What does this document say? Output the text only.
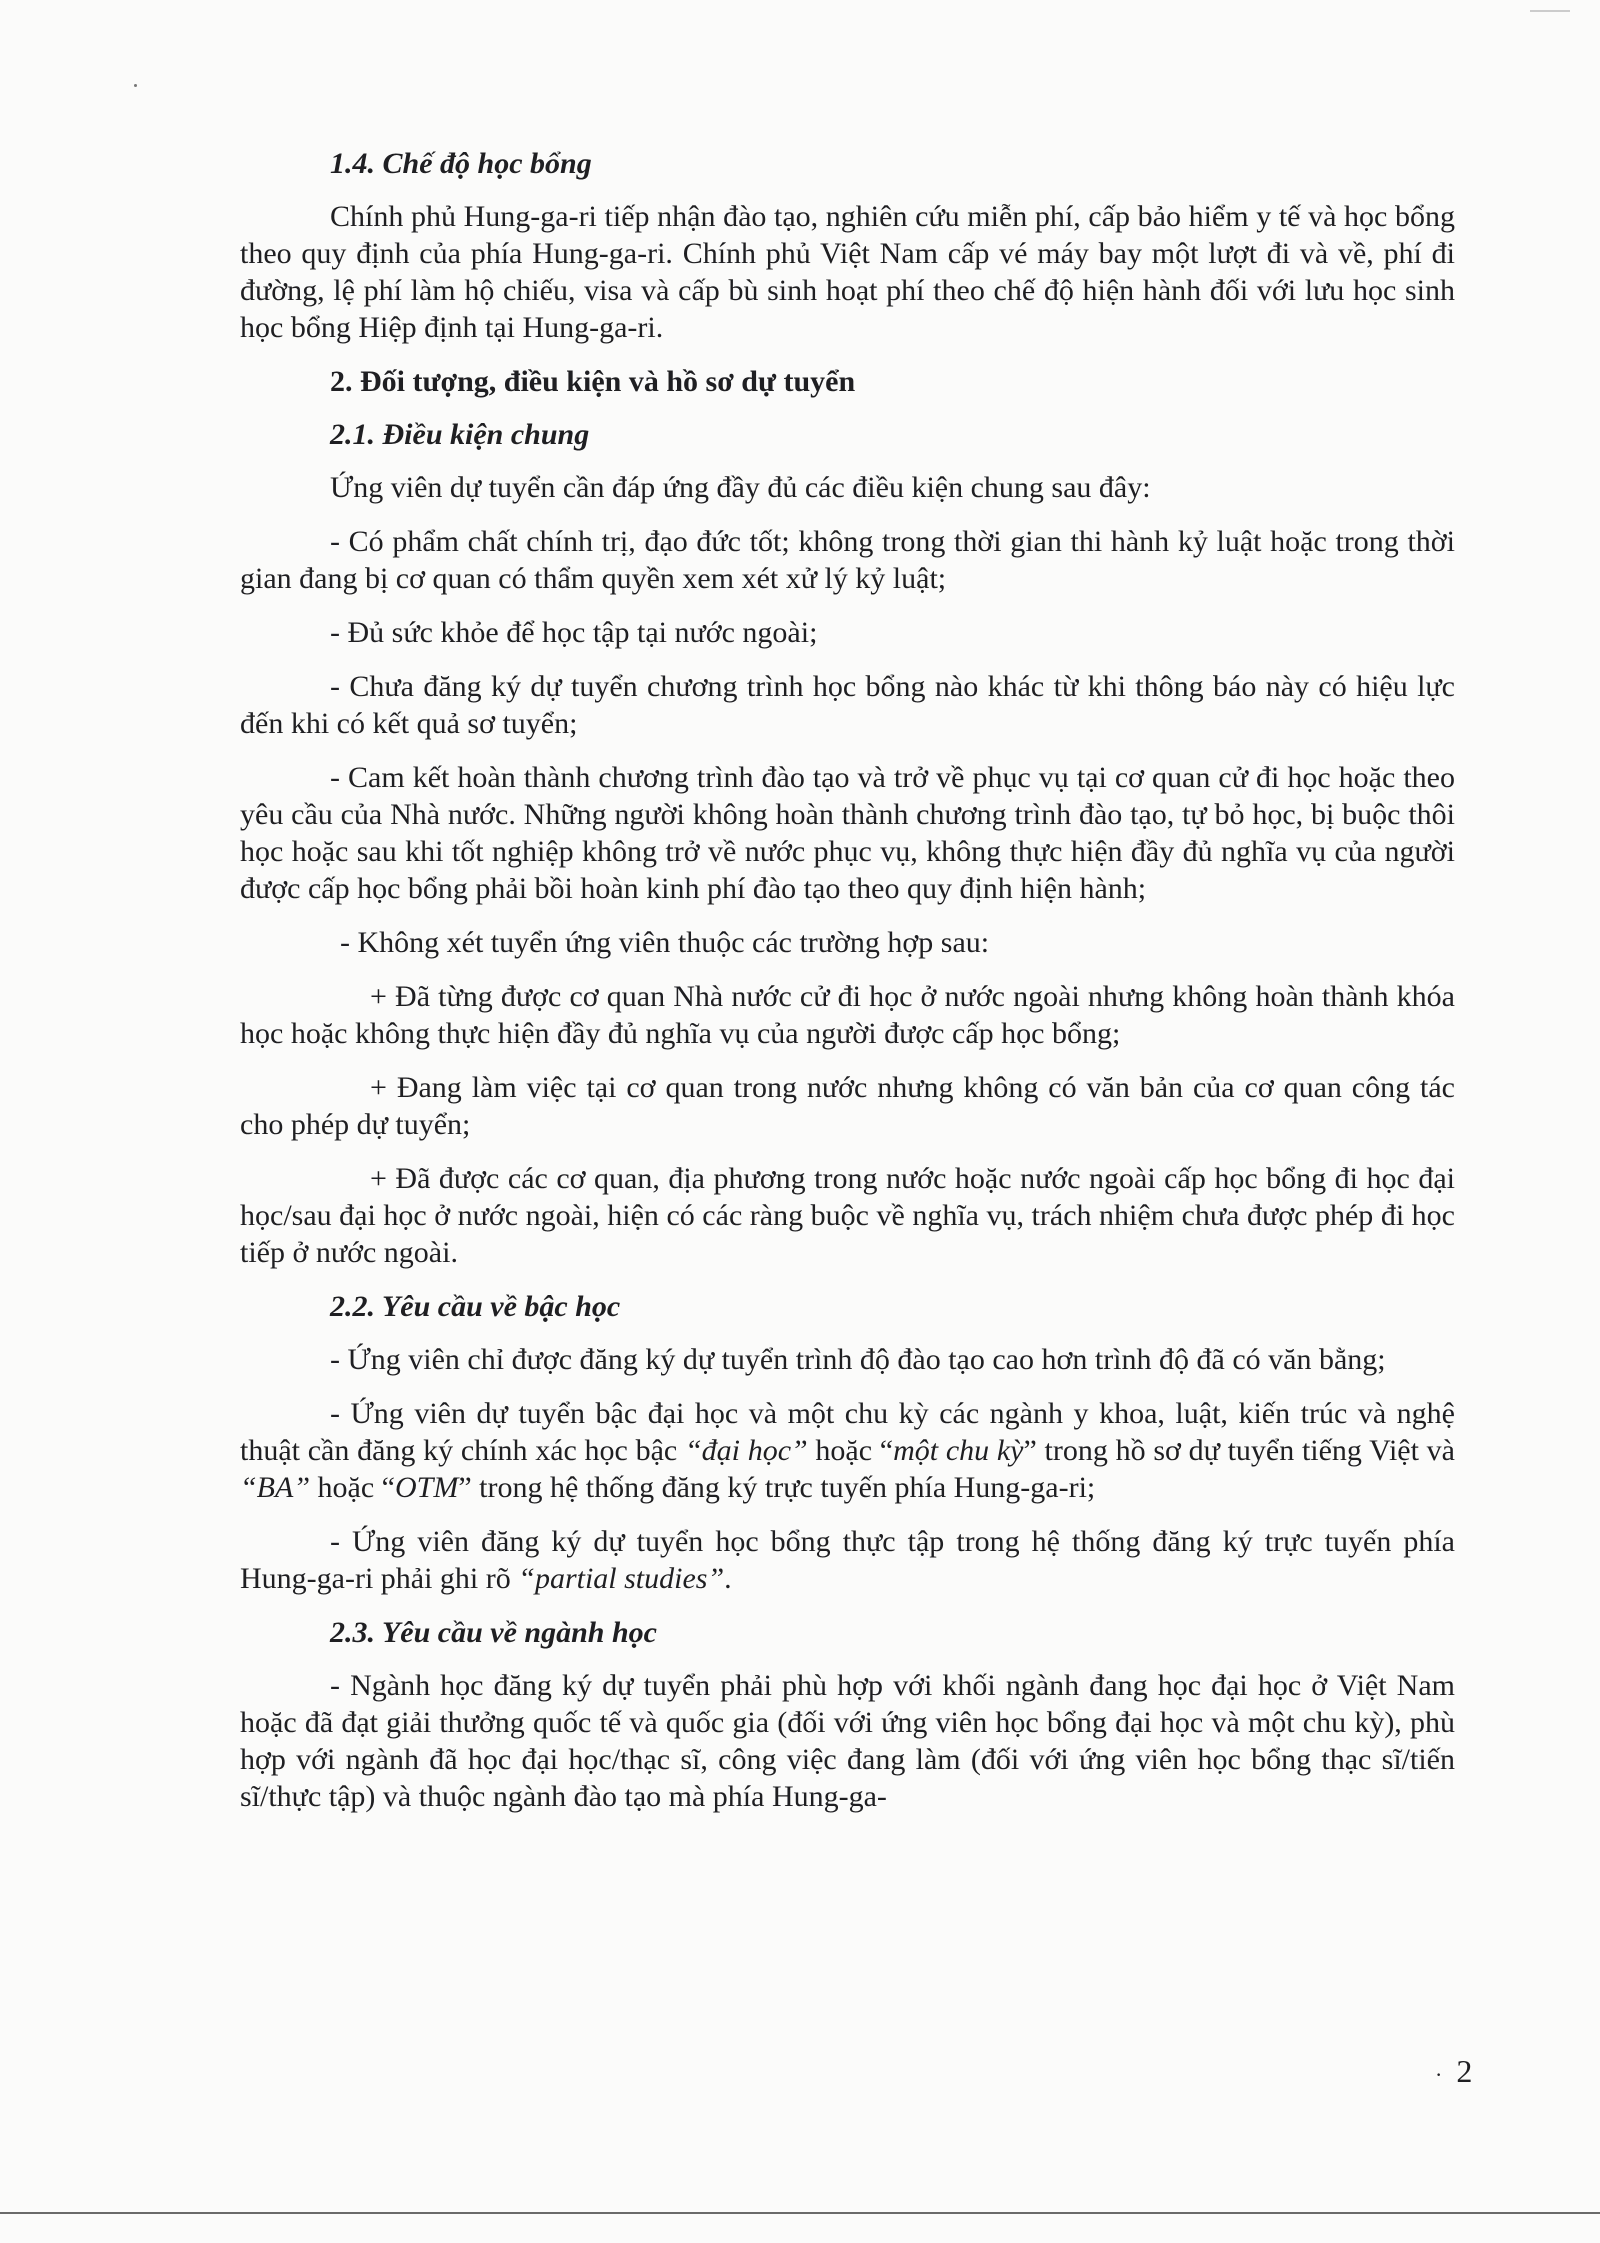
1.4. Chế độ học bổng

Chính phủ Hung-ga-ri tiếp nhận đào tạo, nghiên cứu miễn phí, cấp bảo hiểm y tế và học bổng theo quy định của phía Hung-ga-ri. Chính phủ Việt Nam cấp vé máy bay một lượt đi và về, phí đi đường, lệ phí làm hộ chiếu, visa và cấp bù sinh hoạt phí theo chế độ hiện hành đối với lưu học sinh học bổng Hiệp định tại Hung-ga-ri.

2. Đối tượng, điều kiện và hồ sơ dự tuyển

2.1. Điều kiện chung

Ứng viên dự tuyển cần đáp ứng đầy đủ các điều kiện chung sau đây:

- Có phẩm chất chính trị, đạo đức tốt; không trong thời gian thi hành kỷ luật hoặc trong thời gian đang bị cơ quan có thẩm quyền xem xét xử lý kỷ luật;

- Đủ sức khỏe để học tập tại nước ngoài;

- Chưa đăng ký dự tuyển chương trình học bổng nào khác từ khi thông báo này có hiệu lực đến khi có kết quả sơ tuyển;

- Cam kết hoàn thành chương trình đào tạo và trở về phục vụ tại cơ quan cử đi học hoặc theo yêu cầu của Nhà nước. Những người không hoàn thành chương trình đào tạo, tự bỏ học, bị buộc thôi học hoặc sau khi tốt nghiệp không trở về nước phục vụ, không thực hiện đầy đủ nghĩa vụ của người được cấp học bổng phải bồi hoàn kinh phí đào tạo theo quy định hiện hành;

- Không xét tuyển ứng viên thuộc các trường hợp sau:

+ Đã từng được cơ quan Nhà nước cử đi học ở nước ngoài nhưng không hoàn thành khóa học hoặc không thực hiện đầy đủ nghĩa vụ của người được cấp học bổng;

+ Đang làm việc tại cơ quan trong nước nhưng không có văn bản của cơ quan công tác cho phép dự tuyển;

+ Đã được các cơ quan, địa phương trong nước hoặc nước ngoài cấp học bổng đi học đại học/sau đại học ở nước ngoài, hiện có các ràng buộc về nghĩa vụ, trách nhiệm chưa được phép đi học tiếp ở nước ngoài.

2.2. Yêu cầu về bậc học

- Ứng viên chỉ được đăng ký dự tuyển trình độ đào tạo cao hơn trình độ đã có văn bằng;

- Ứng viên dự tuyển bậc đại học và một chu kỳ các ngành y khoa, luật, kiến trúc và nghệ thuật cần đăng ký chính xác học bậc “đại học” hoặc “một chu kỳ” trong hồ sơ dự tuyển tiếng Việt và “BA” hoặc “OTM” trong hệ thống đăng ký trực tuyến phía Hung-ga-ri;

- Ứng viên đăng ký dự tuyển học bổng thực tập trong hệ thống đăng ký trực tuyến phía Hung-ga-ri phải ghi rõ “partial studies”.

2.3. Yêu cầu về ngành học

- Ngành học đăng ký dự tuyển phải phù hợp với khối ngành đang học đại học ở Việt Nam hoặc đã đạt giải thưởng quốc tế và quốc gia (đối với ứng viên học bổng đại học và một chu kỳ), phù hợp với ngành đã học đại học/thạc sĩ, công việc đang làm (đối với ứng viên học bổng thạc sĩ/tiến sĩ/thực tập) và thuộc ngành đào tạo mà phía Hung-ga-

· 2
